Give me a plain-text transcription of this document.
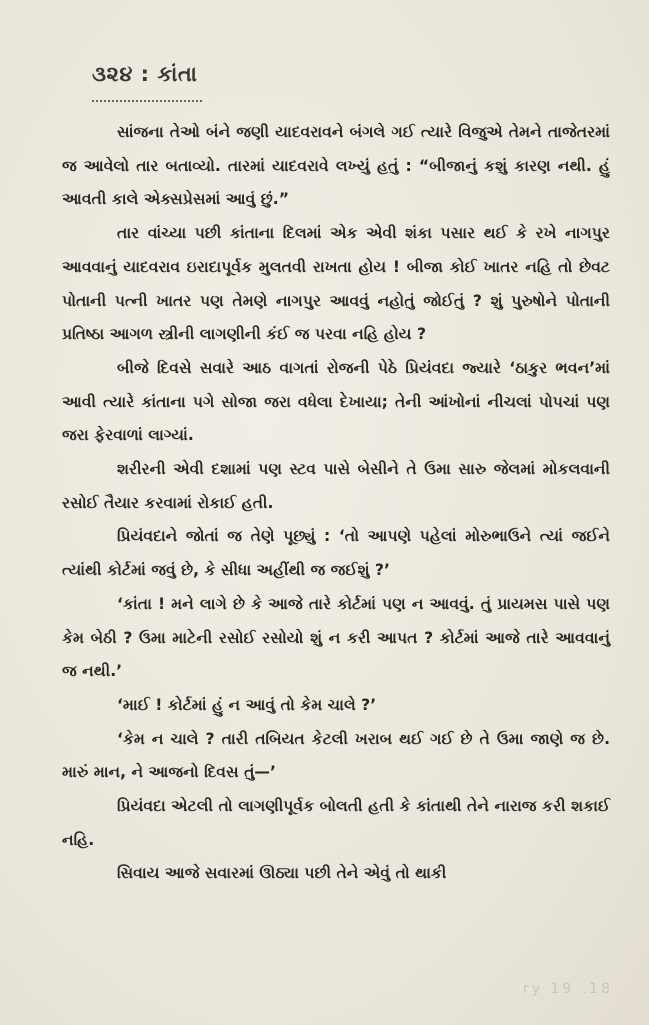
૩૨૪ : કાંતા

સાંજના તેઓ બંને જણી યાદવરાવને બંગલે ગઈ ત્યારે વિજુએ તેમને તાજેતરમાં જ આવેલો તાર બતાવ્યો. તારમાં યાદવરાવે લખ્યું હતું : “બીજાનું કશું કારણ નથી. હું આવતી કાલે એક્સપ્રેસમાં આવું છું.”

તાર વાંચ્યા પછી કાંતાના દિલમાં એક એવી શંકા પસાર થઈ કે રખે નાગપુર આવવાનું યાદવરાવ ઇરાદાપૂર્વક મુલતવી રાખતા હોય ! બીજા કોઈ ખાતર નહિ તો છેવટ પોતાની પત્ની ખાતર પણ તેમણે નાગપુર આવવું નહોતું જોઈતું ? શું પુરુષોને પોતાની પ્રતિષ્ઠા આગળ સ્ત્રીની લાગણીની કંઈ જ પરવા નહિ હોય ?

બીજે દિવસે સવારે આઠ વાગતાં રોજની પેઠે પ્રિયંવદા જ્યારે ‘ઠાકુર ભવન’માં આવી ત્યારે કાંતાના પગે સોજા જરા વધેલા દેખાયા; તેની આંખોનાં નીચલાં પોપચાં પણ જરા ફેરવાળાં લાગ્યાં.

શરીરની એવી દશામાં પણ સ્ટવ પાસે બેસીને તે ઉમા સારુ જેલમાં મોકલવાની રસોઈ તૈયાર કરવામાં રોકાઈ હતી.

પ્રિયંવદાને જોતાં જ તેણે પૂછ્યું : ‘તો આપણે પહેલાં મોરુભાઉને ત્યાં જઈને ત્યાંથી કોર્ટમાં જવું છે, કે સીધા અહીંથી જ જઈશું ?’

‘કાંતા ! મને લાગે છે કે આજે તારે કોર્ટમાં પણ ન આવવું. તું પ્રાયમસ પાસે પણ કેમ બેઠી ? ઉમા માટેની રસોઈ રસોયો શું ન કરી આપત ? કોર્ટમાં આજે તારે આવવાનું જ નથી.’

‘માઈ ! કોર્ટમાં હું ન આવું તો કેમ ચાલે ?’

‘કેમ ન ચાલે ? તારી તબિયત કેટલી ખરાબ થઈ ગઈ છે તે ઉમા જાણે જ છે. મારું માન, ને આજનો દિવસ તું—’

પ્રિયંવદા એટલી તો લાગણીપૂર્વક બોલતી હતી કે કાંતાથી તેને નારાજ કરી શકાઈ નહિ.

સિવાય આજે સવારમાં ઊઠ્યા પછી તેને એવું તો થાકી

ry 19 .18
